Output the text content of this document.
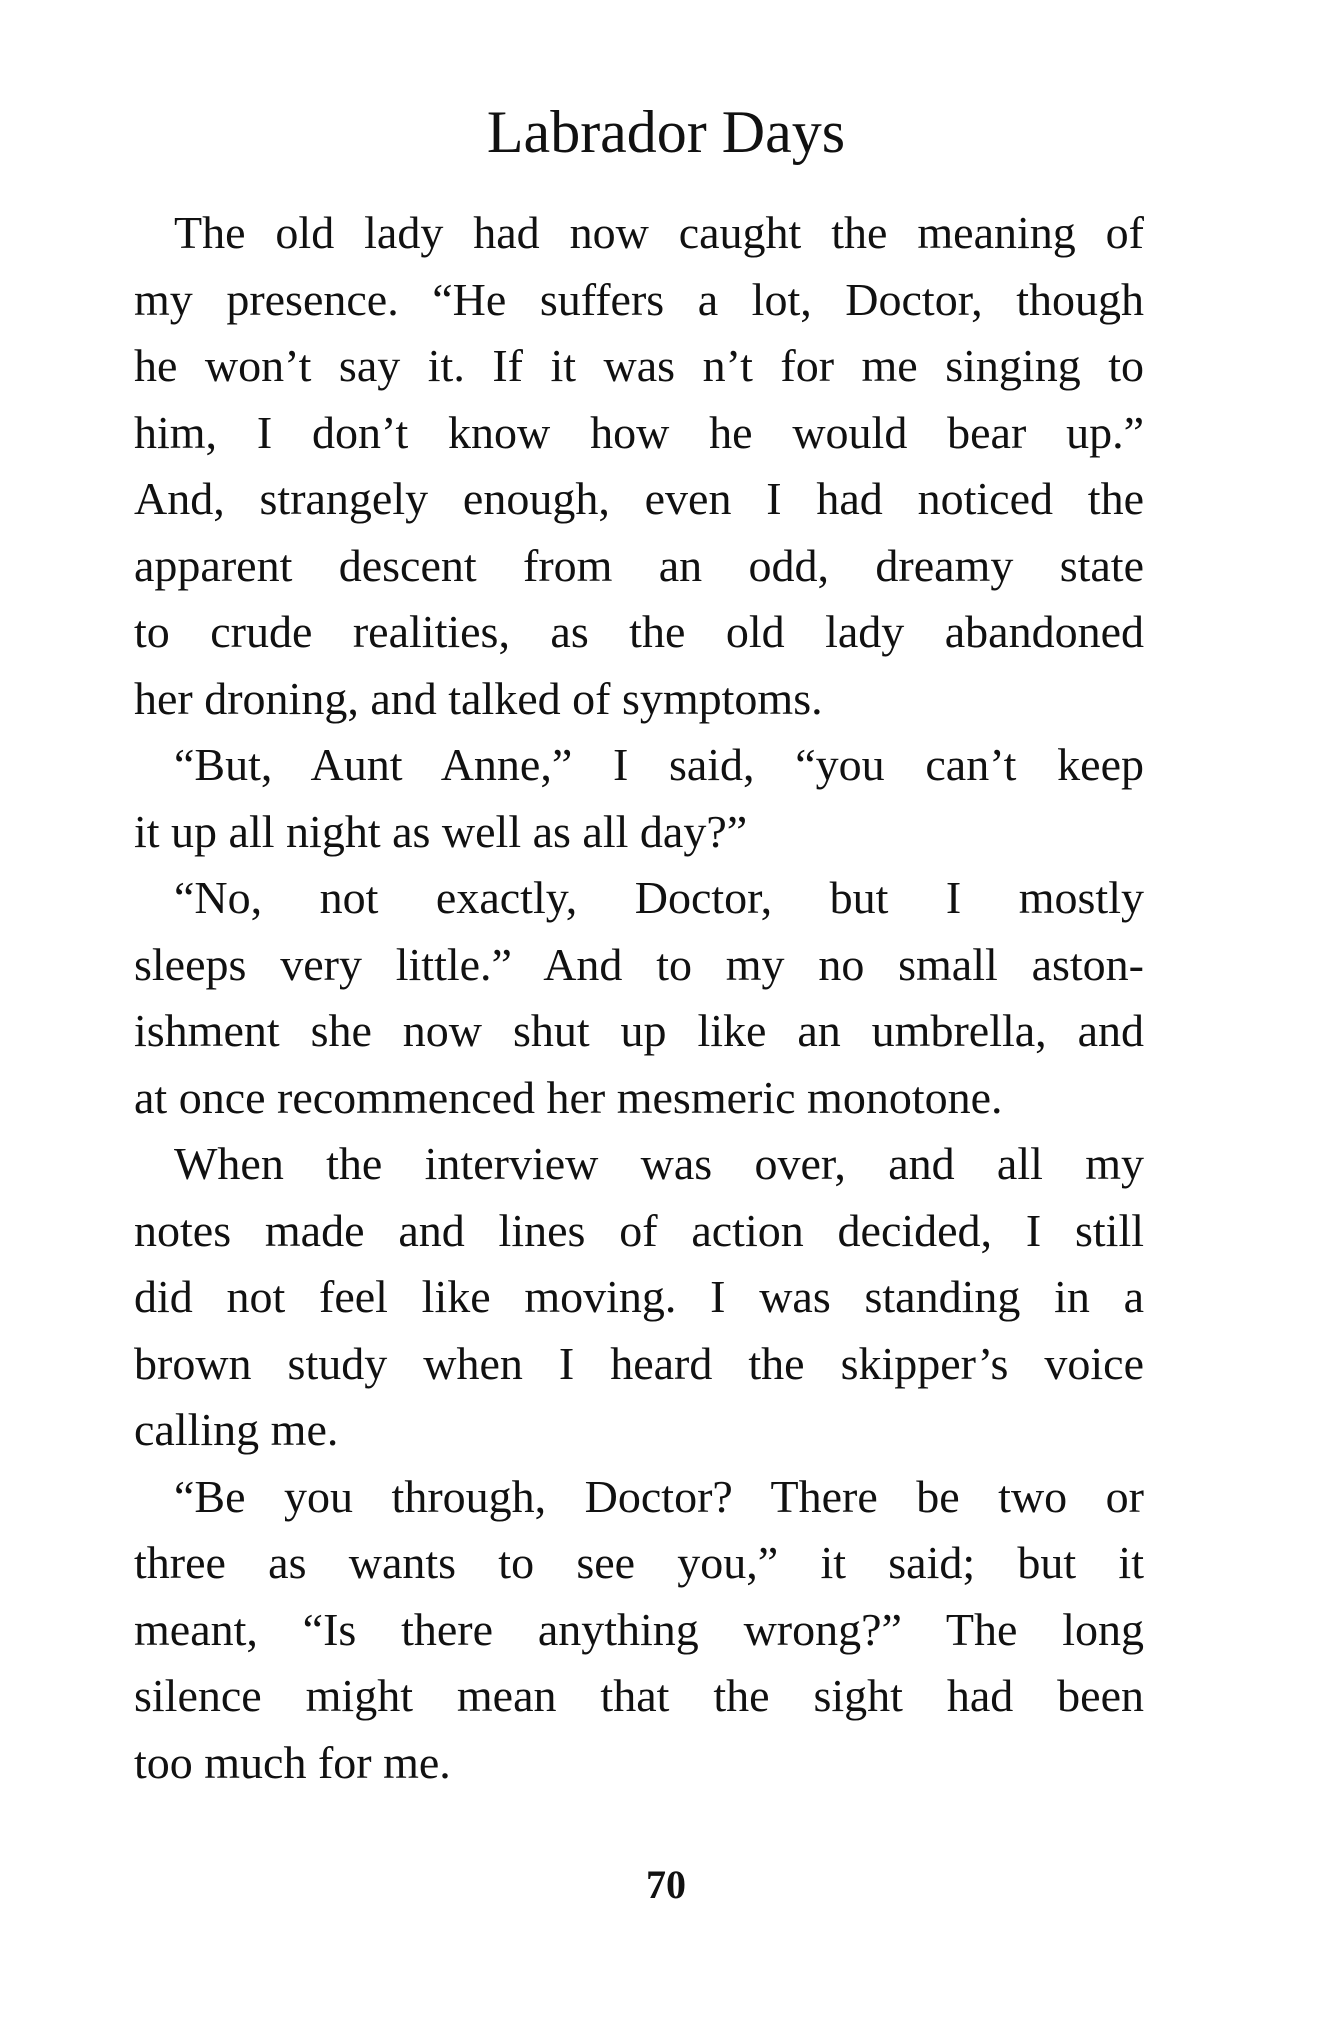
Labrador Days

The old lady had now caught the meaning of
my presence. “He suffers a lot, Doctor, though
he won’t say it. If it was n’t for me singing to
him, I don’t know how he would bear up.”
And, strangely enough, even I had noticed the
apparent descent from an odd, dreamy state
to crude realities, as the old lady abandoned
her droning, and talked of symptoms.

“But, Aunt Anne,” I said, “you can’t keep
it up all night as well as all day?”

“No, not exactly, Doctor, but I mostly
sleeps very little.” And to my no small aston-
ishment she now shut up like an umbrella, and
at once recommenced her mesmeric monotone.

When the interview was over, and all my
notes made and lines of action decided, I still
did not feel like moving. I was standing in a
brown study when I heard the skipper’s voice
calling me.

“Be you through, Doctor? There be two or
three as wants to see you,” it said; but it
meant, “Is there anything wrong?” The long
silence might mean that the sight had been
too much for me.

70
